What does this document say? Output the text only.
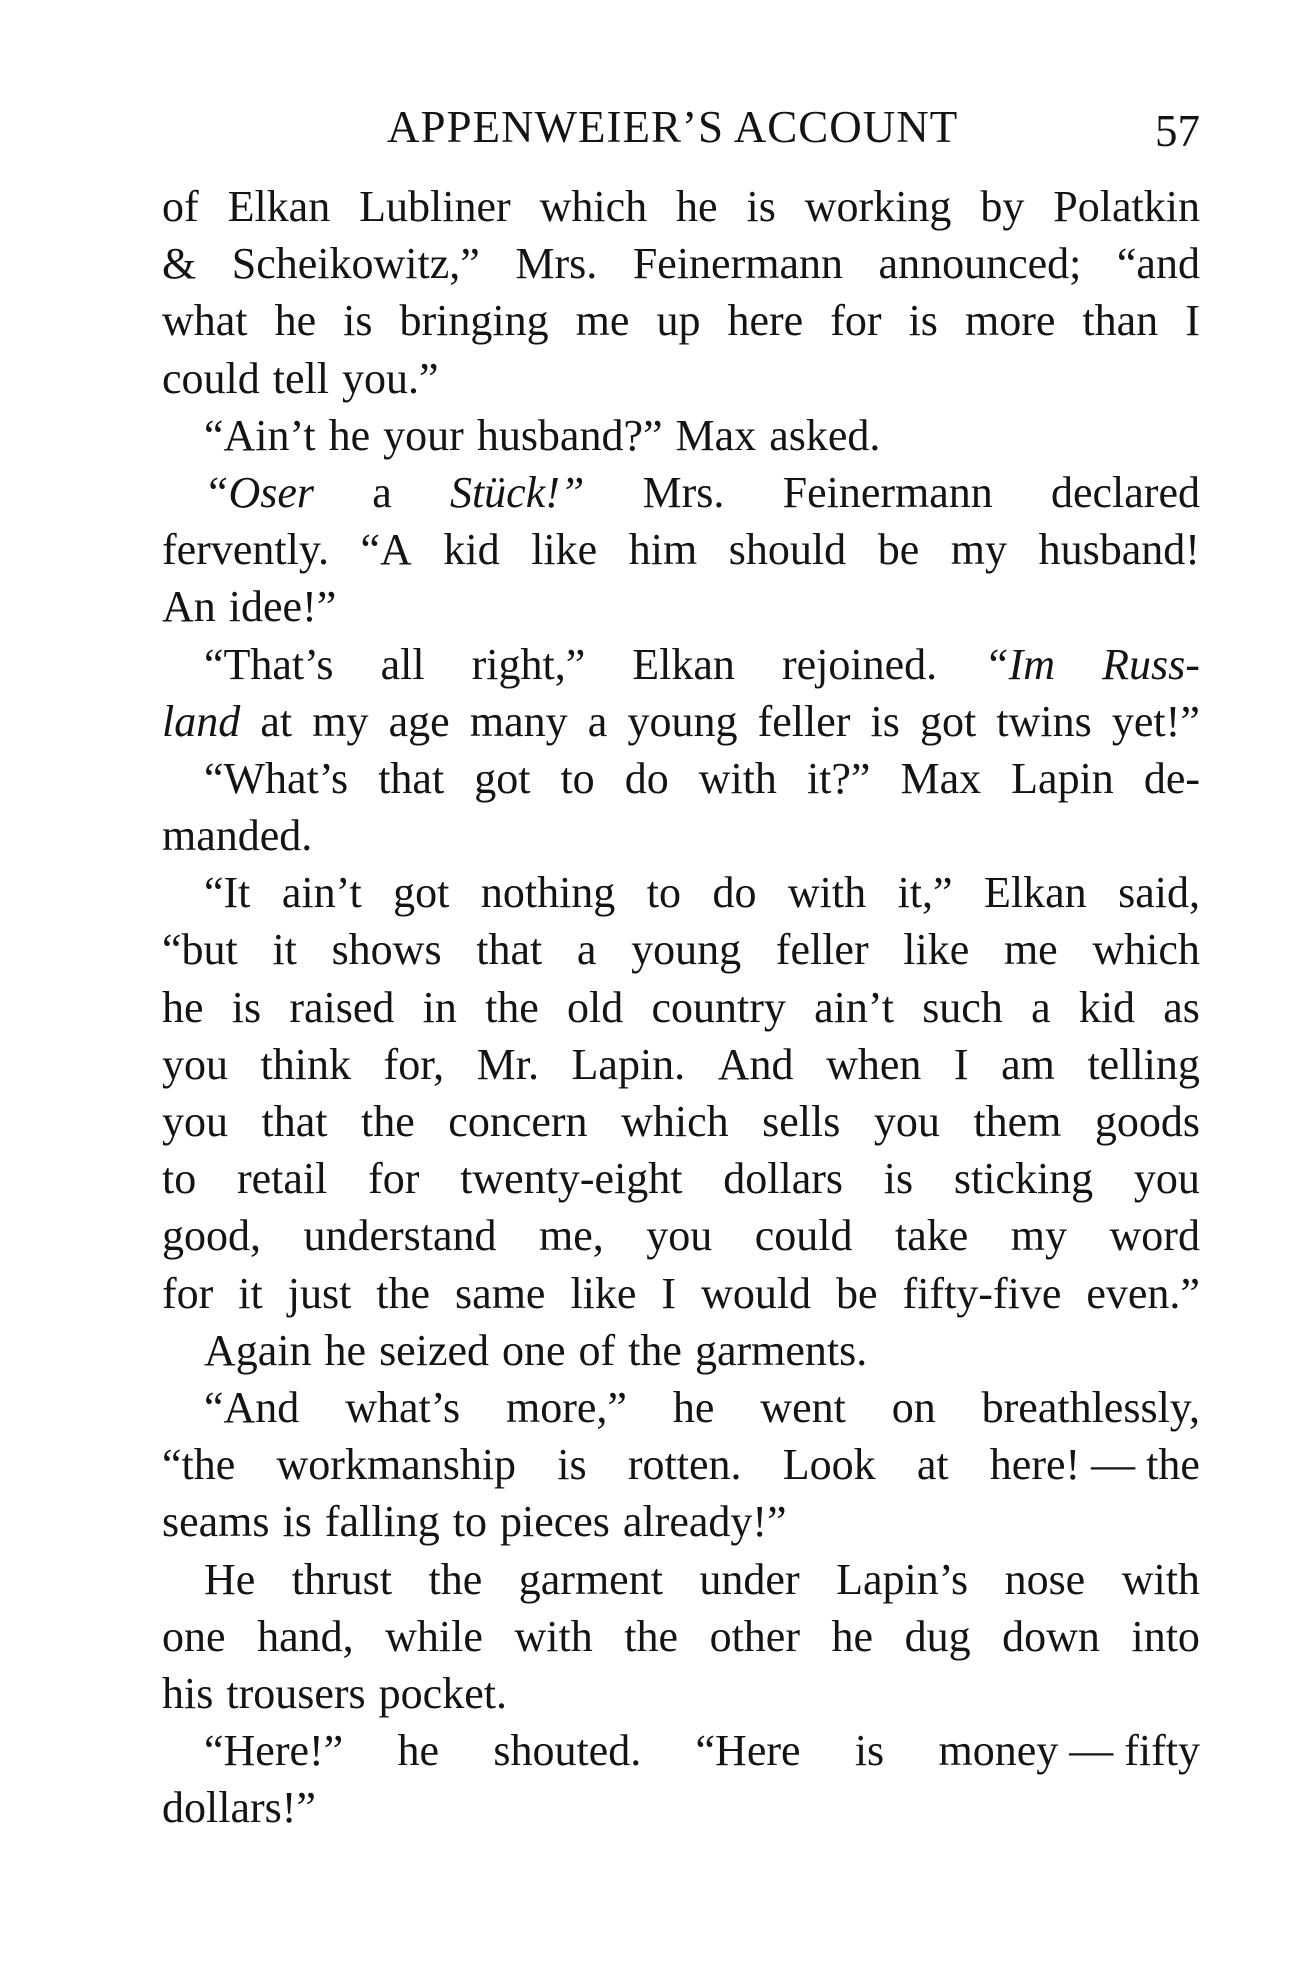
APPENWEIER’S ACCOUNT	57
of Elkan Lubliner which he is working by Polatkin
& Scheikowitz,” Mrs. Feinermann announced; “and
what he is bringing me up here for is more than I
could tell you.”
“Ain’t he your husband?” Max asked.
“Oser a Stück!” Mrs. Feinermann declared
fervently. “A kid like him should be my husband!
An idee!”
“That’s all right,” Elkan rejoined. “Im Russ-
land at my age many a young feller is got twins yet!”
“What’s that got to do with it?” Max Lapin de-
manded.
“It ain’t got nothing to do with it,” Elkan said,
“but it shows that a young feller like me which
he is raised in the old country ain’t such a kid as
you think for, Mr. Lapin. And when I am telling
you that the concern which sells you them goods
to retail for twenty-eight dollars is sticking you
good, understand me, you could take my word
for it just the same like I would be fifty-five even.”
Again he seized one of the garments.
“And what’s more,” he went on breathlessly,
“the workmanship is rotten. Look at here! — the
seams is falling to pieces already!”
He thrust the garment under Lapin’s nose with
one hand, while with the other he dug down into
his trousers pocket.
“Here!” he shouted. “Here is money — fifty
dollars!”
